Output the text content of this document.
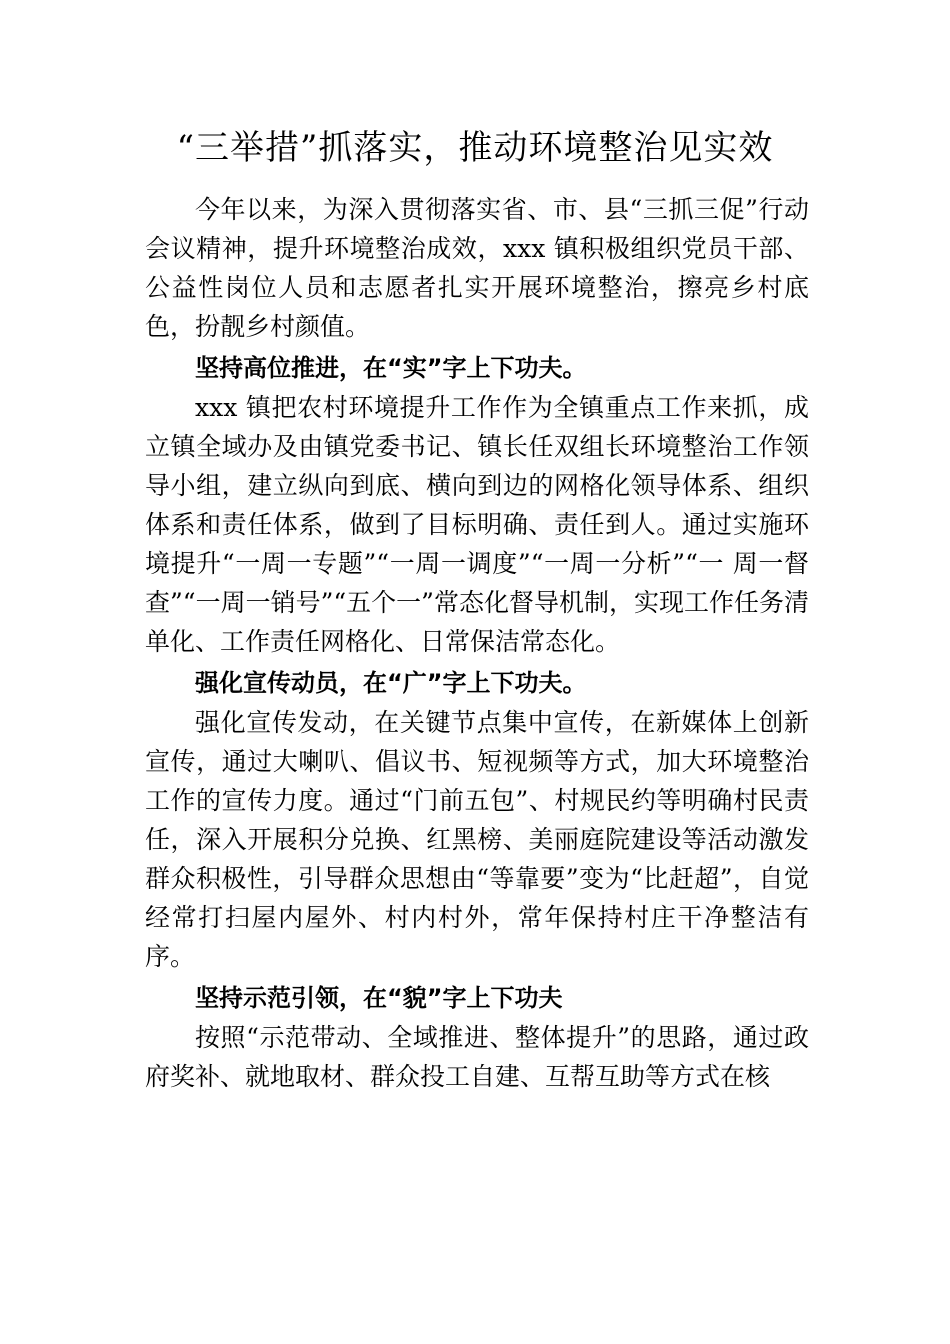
“三举措”抓落实，推动环境整治见实效

今年以来，为深入贯彻落实省、市、县“三抓三促”行动会议精神，提升环境整治成效，xxx 镇积极组织党员干部、公益性岗位人员和志愿者扎实开展环境整治，擦亮乡村底色，扮靓乡村颜值。

坚持高位推进，在“实”字上下功夫。

xxx 镇把农村环境提升工作作为全镇重点工作来抓，成立镇全域办及由镇党委书记、镇长任双组长环境整治工作领导小组，建立纵向到底、横向到边的网格化领导体系、组织 体系和责任体系，做到了目标明确、责任到人。通过实施环境提升“一周一专题”“一周一调度”“一周一分析”“一 周一督查”“一周一销号”“五个一”常态化督导机制，实现工作任务清单化、工作责任网格化、日常保洁常态化。

强化宣传动员，在“广”字上下功夫。

强化宣传发动，在关键节点集中宣传，在新媒体上创新宣传，通过大喇叭、倡议书、短视频等方式，加大环境整治工作的宣传力度。通过“门前五包”、村规民约等明确村民责任，深入开展积分兑换、红黑榜、美丽庭院建设等活动激发群众积极性，引导群众思想由“等靠要”变为“比赶超”，自觉经常打扫屋内屋外、村内村外，常年保持村庄干净整洁有序。

坚持示范引领，在“貌”字上下功夫

按照“示范带动、全域推进、整体提升”的思路，通过政府奖补、就地取材、群众投工自建、互帮互助等方式在核
